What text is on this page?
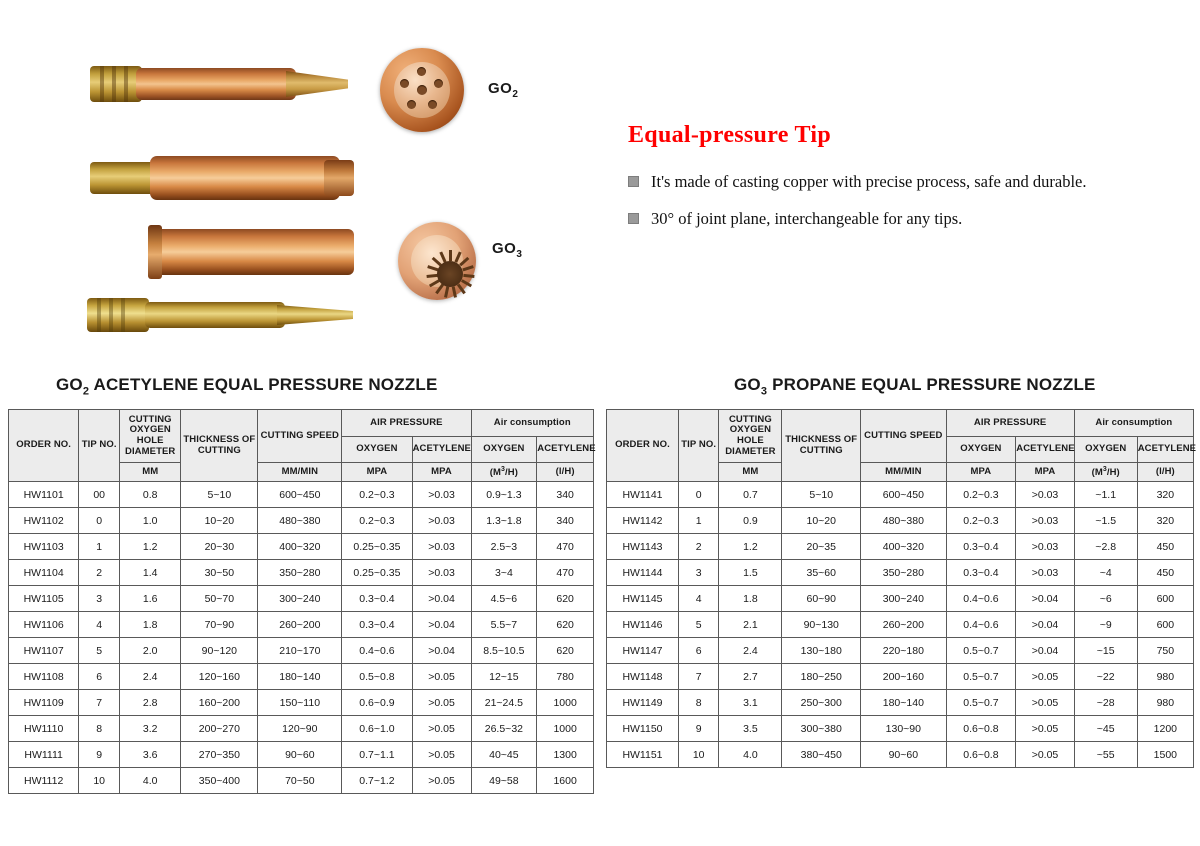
$GO_2$
$GO_3$
Equal-pressure Tip
It's made of casting copper with precise process, safe and durable.
30° of joint plane, interchangeable for any tips.
$GO_2$ ACETYLENE EQUAL PRESSURE NOZZLE
ORDER NO.	TIP NO.	CUTTING OXYGEN HOLE DIAMETER	THICKNESS OF CUTTING	CUTTING SPEED	AIR PRESSURE		Air consumption	
					OXYGEN	ACETYLENE	OXYGEN	ACETYLENE
		MM		MM/MIN	MPA	MPA	$(M^3/H)$	(l/H)
HW1101	00	0.8	5~10	600~450	0.2~0.3	>0.03	0.9~1.3	340
HW1102	0	1.0	10~20	480~380	0.2~0.3	>0.03	1.3~1.8	340
HW1103	1	1.2	20~30	400~320	0.25~0.35	>0.03	2.5~3	470
HW1104	2	1.4	30~50	350~280	0.25~0.35	>0.03	3~4	470
HW1105	3	1.6	50~70	300~240	0.3~0.4	>0.04	4.5~6	620
HW1106	4	1.8	70~90	260~200	0.3~0.4	>0.04	5.5~7	620
HW1107	5	2.0	90~120	210~170	0.4~0.6	>0.04	8.5~10.5	620
HW1108	6	2.4	120~160	180~140	0.5~0.8	>0.05	12~15	780
HW1109	7	2.8	160~200	150~110	0.6~0.9	>0.05	21~24.5	1000
HW1110	8	3.2	200~270	120~90	0.6~1.0	>0.05	26.5~32	1000
HW1111	9	3.6	270~350	90~60	0.7~1.1	>0.05	40~45	1300
HW1112	10	4.0	350~400	70~50	0.7~1.2	>0.05	49~58	1600
$GO_3$ PROPANE EQUAL PRESSURE NOZZLE
ORDER NO.	TIP NO.	CUTTING OXYGEN HOLE DIAMETER	THICKNESS OF CUTTING	CUTTING SPEED	AIR PRESSURE		Air consumption	
					OXYGEN	ACETYLENE	OXYGEN	ACETYLENE
		MM		MM/MIN	MPA	MPA	$(M^3/H)$	(l/H)
HW1141	0	0.7	5~10	600~450	0.2~0.3	>0.03	~1.1	320
HW1142	1	0.9	10~20	480~380	0.2~0.3	>0.03	~1.5	320
HW1143	2	1.2	20~35	400~320	0.3~0.4	>0.03	~2.8	450
HW1144	3	1.5	35~60	350~280	0.3~0.4	>0.03	~4	450
HW1145	4	1.8	60~90	300~240	0.4~0.6	>0.04	~6	600
HW1146	5	2.1	90~130	260~200	0.4~0.6	>0.04	~9	600
HW1147	6	2.4	130~180	220~180	0.5~0.7	>0.04	~15	750
HW1148	7	2.7	180~250	200~160	0.5~0.7	>0.05	~22	980
HW1149	8	3.1	250~300	180~140	0.5~0.7	>0.05	~28	980
HW1150	9	3.5	300~380	130~90	0.6~0.8	>0.05	~45	1200
HW1151	10	4.0	380~450	90~60	0.6~0.8	>0.05	~55	1500
